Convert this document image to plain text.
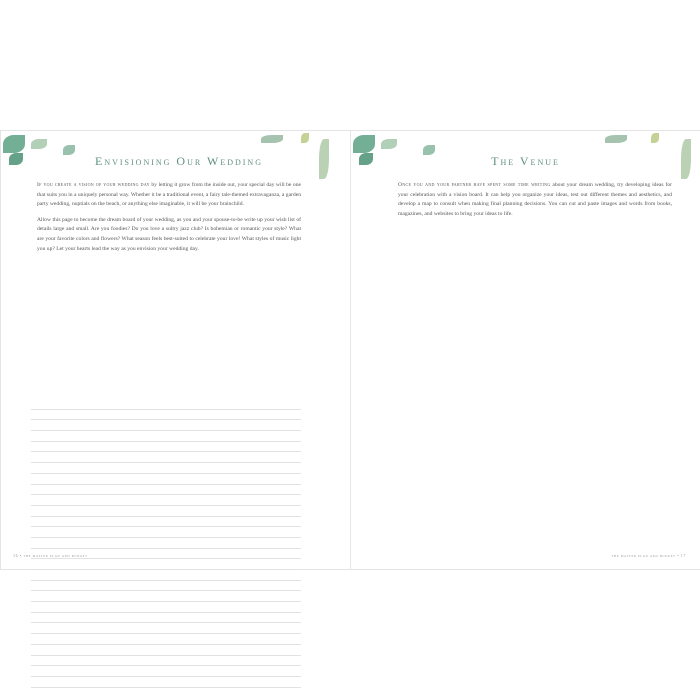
Envisioning Our Wedding

If you create a vision of your wedding day by letting it grow from the inside out, your special day will be one that suits you in a uniquely personal way. Whether it be a traditional event, a fairy tale-themed extravaganza, a garden party wedding, nuptials on the beach, or anything else imaginable, it will be your brainchild.

Allow this page to become the dream board of your wedding, as you and your spouse-to-be write up your wish list of details large and small. Are you foodies? Do you love a sultry jazz club? Is bohemian or romantic your style? What are your favorite colors and flowers? What season feels best-suited to celebrate your love! What styles of music light you up? Let your hearts lead the way as you envision your wedding day.

16 • the master plan and budget
The Venue

Once you and your partner have spent some time writing about your dream wedding, try developing ideas for your celebration with a vision board. It can help you organize your ideas, test out different themes and aesthetics, and develop a map to consult when making final planning decisions. You can cut and paste images and words from books, magazines, and websites to bring your ideas to life.

the master plan and budget • 17
